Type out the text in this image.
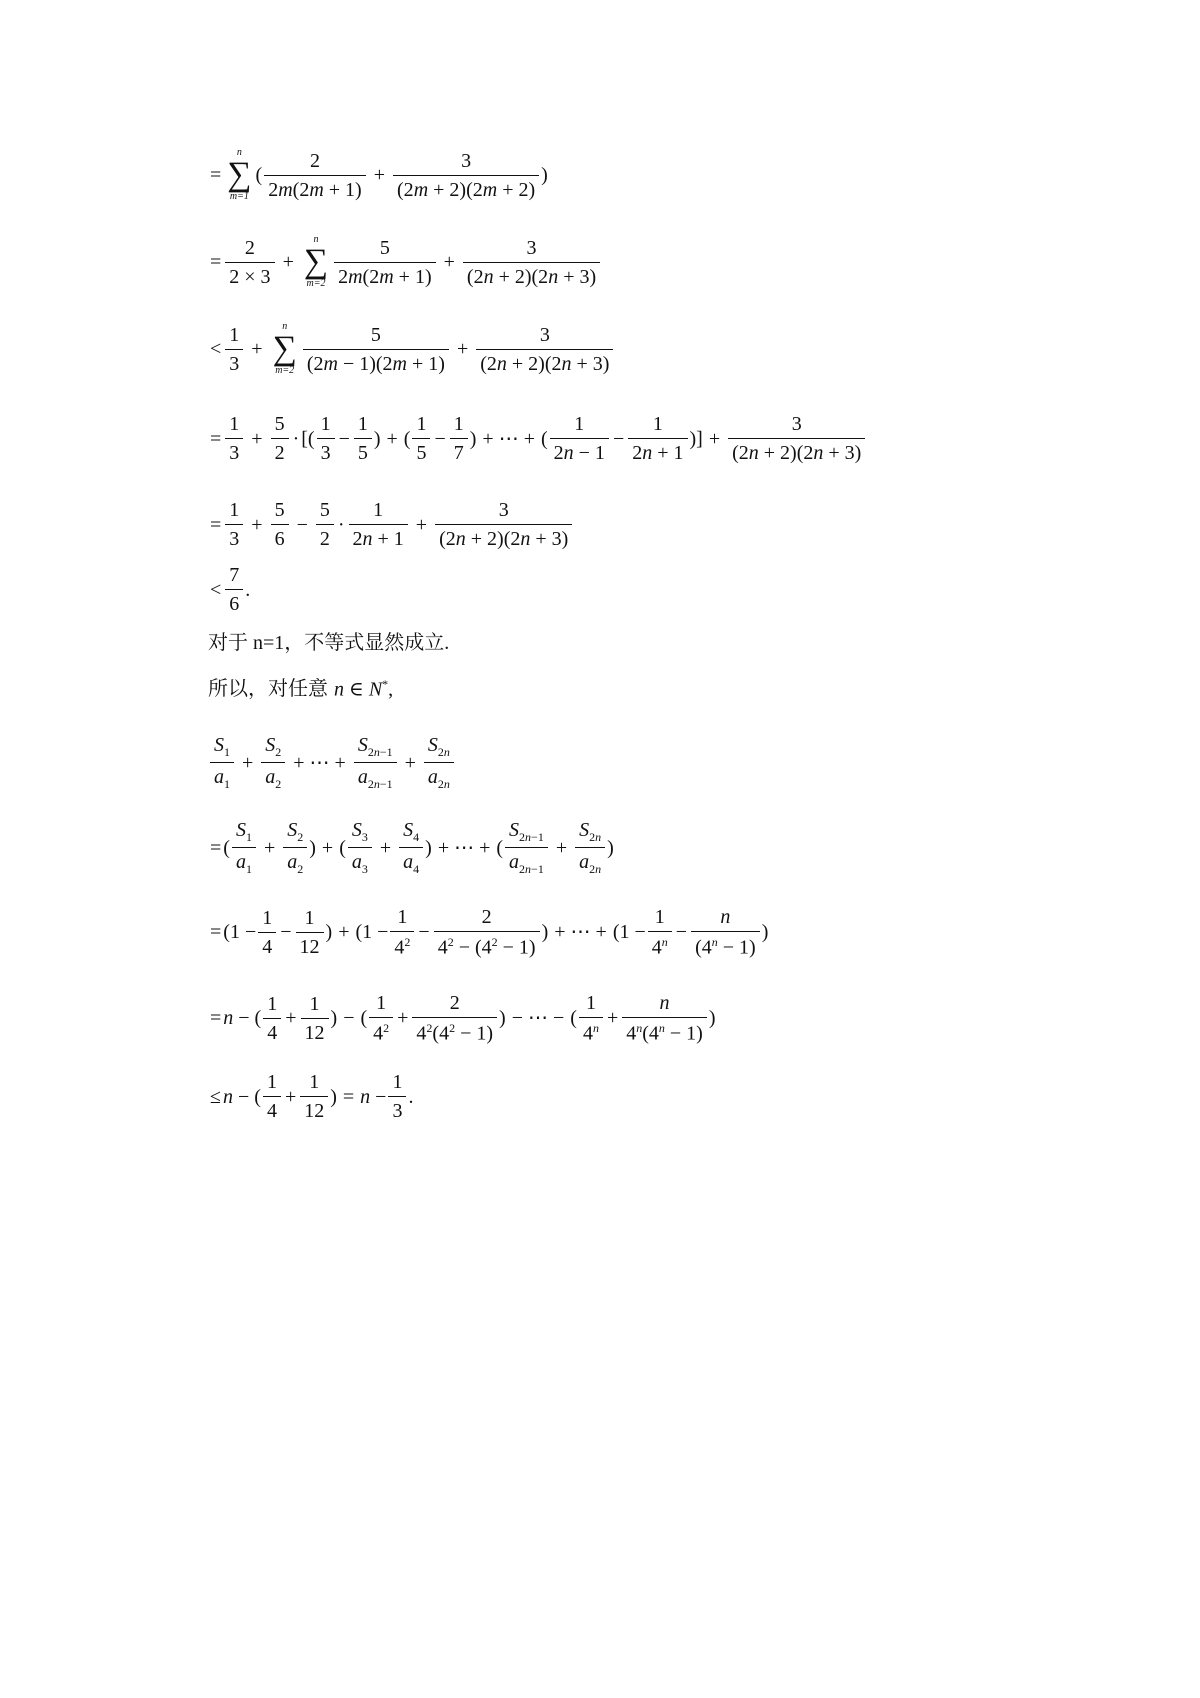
=
n
∑
m=1
( $\frac{2}{2m(2m + 1)} + \frac{3}{(2m + 2)(2m + 2)}$ )
= $\frac{2}{2 \times 3}$ +
n
∑
$m=2 \frac{5}{2m(2m + 1)} + \frac{3}{(2n + 2)(2n + 3)}$
< $\frac{1}{3}$ +
n
∑
$m=2 \frac{5}{(2m - 1)(2m + 1)} + \frac{3}{(2n + 2)(2n + 3)}$
= $\frac{1}{3} + \frac{5}{2}$ · [( $\frac{1}{3} - \frac{1}{5}$ ) + ( $\frac{1}{5} - \frac{1}{7}$ ) + ⋯ + ( $\frac{1}{2n - 1} - \frac{1}{2n + 1}$ )] + $\frac{3}{(2n + 2)(2n + 3)}$
= $\frac{1}{3} + \frac{5}{6} - \frac{5}{2} \cdot \frac{1}{2n + 1} + \frac{3}{(2n + 2)(2n + 3)}$
< $\frac{7}{6}$ .
对于 n=1，不等式显然成立.
所以，对任意 n ∈ N*,
$\frac{S_1}{a_1} + \frac{S_2}{a_2}$ + ⋯ + $\frac{S_{2n-1}}{a_{2n-1}} + \frac{S_{2n}}{a_{2n}}$
= ( $\frac{S_1}{a_1} + \frac{S_2}{a_2}$ ) + ( $\frac{S_3}{a_3} + \frac{S_4}{a_4}$ ) + ⋯ + ( $\frac{S_{2n-1}}{a_{2n-1}} + \frac{S_{2n}}{a_{2n}}$ )
= ($1 - \frac{1}{4} - \frac{1}{12}$ ) + ($1 - \frac{1}{4^2} - \frac{2}{4^2 - (4^2 - 1)}$ ) + ⋯ + ($1 - \frac{1}{4^n} - \frac{n}{(4^n - 1)}$ )
= n − ( $\frac{1}{4} + \frac{1}{12}$ ) − ( $\frac{1}{4^2} + \frac{2}{4^2(4^2 - 1)}$ ) − ⋯ − ( $\frac{1}{4^n} + \frac{n}{4^n(4^n - 1)}$ )
≤ n − ( $\frac{1}{4} + \frac{1}{12}$ ) = $n - \frac{1}{3}$ .
